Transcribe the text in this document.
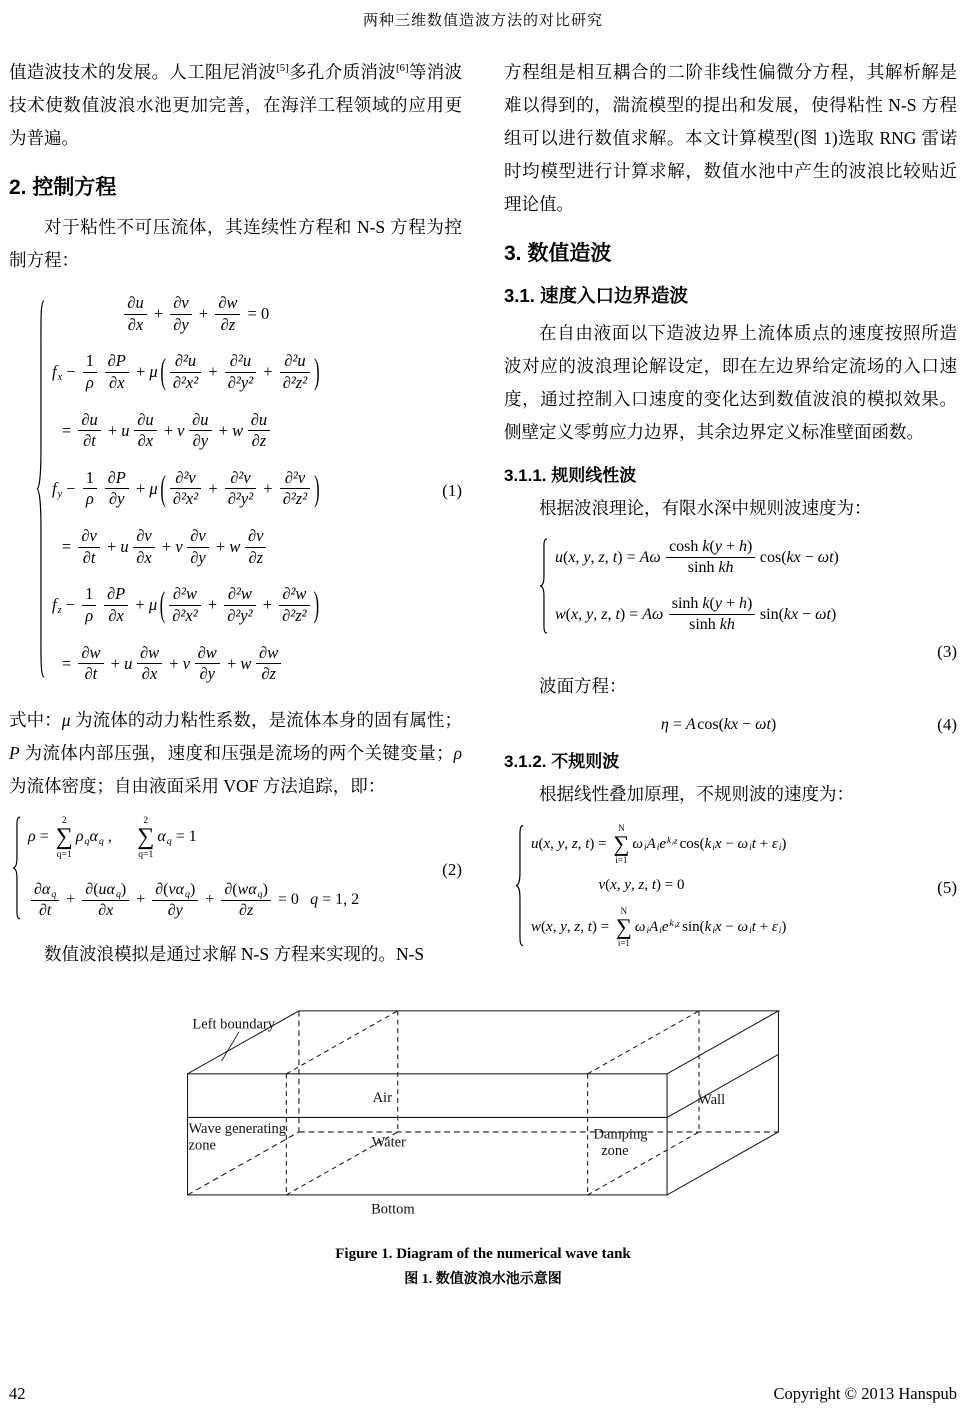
两种三维数值造波方法的对比研究

值造波技术的发展。人工阻尼消波[5]多孔介质消波[6]等消波技术使数值波浪水池更加完善，在海洋工程领域的应用更为普遍。

2. 控制方程

对于粘性不可压流体，其连续性方程和 N-S 方程为控制方程：

$\frac{\partial u}{\partial x} + \frac{\partial v}{\partial y} + \frac{\partial w}{\partial z} = 0$
$f_x - \frac{1}{\rho} \frac{\partial P}{\partial x} + \mu$ ( $\frac{\text{∂²u}}{\text{∂²x²}} + \frac{\text{∂²u}}{\text{∂²y²}} + \frac{\text{∂²u}}{\text{∂²z²}}$ )
= $\frac{\partial u}{\partial t} + u \frac{\partial u}{\partial x} + v \frac{\partial u}{\partial y} + w \frac{\partial u}{\partial z}$
$f_y - \frac{1}{\rho} \frac{\partial P}{\partial y} + \mu$ ( $\frac{\text{∂²v}}{\text{∂²x²}} + \frac{\text{∂²v}}{\text{∂²y²}} + \frac{\text{∂²v}}{\text{∂²z²}}$ )
= $\frac{\partial v}{\partial t} + u \frac{\partial v}{\partial x} + v \frac{\partial v}{\partial y} + w \frac{\partial v}{\partial z}$
$f_z - \frac{1}{\rho} \frac{\partial P}{\partial x} + \mu$ ( $\frac{\text{∂²w}}{\text{∂²x²}} + \frac{\text{∂²w}}{\text{∂²y²}} + \frac{\text{∂²w}}{\text{∂²z²}}$ )
= $\frac{\partial w}{\partial t} + u \frac{\partial w}{\partial x} + v \frac{\partial w}{\partial y} + w \frac{\partial w}{\partial z}$
(1)

式中：μ 为流体的动力粘性系数，是流体本身的固有属性；P 为流体内部压强，速度和压强是流场的两个关键变量；ρ 为流体密度；自由液面采用 VOF 方法追踪，即：

ρ =
2
∑
q=1
$\rho_q$ $\alpha_q$ ,
2
∑
q=1
$\alpha_q = 1$
$\frac{\partial \alpha_q}{\partial t} + \frac{\partial ( u \alpha_q )}{\partial x} + \frac{\partial ( v \alpha_q )}{\partial y} + \frac{\partial ( w \alpha_q )}{\partial z} = 0$ q = 1, 2
(2)

数值波浪模拟是通过求解 N-S 方程来实现的。N-S

方程组是相互耦合的二阶非线性偏微分方程，其解析解是难以得到的，湍流模型的提出和发展，使得粘性 N-S 方程组可以进行数值求解。本文计算模型(图 1)选取 RNG 雷诺时均模型进行计算求解，数值水池中产生的波浪比较贴近理论值。

3. 数值造波
3.1. 速度入口边界造波

在自由液面以下造波边界上流体质点的速度按照所造波对应的波浪理论解设定，即在左边界给定流场的入口速度，通过控制入口速度的变化达到数值波浪的模拟效果。侧壁定义零剪应力边界，其余边界定义标准壁面函数。

3.1.1. 规则线性波

根据波浪理论，有限水深中规则波速度为：

u ( x , y , z , t ) = Aω $\frac{\text{cosh k ( y + h )}}{\text{sinh kh}} \cos$( kx − ωt )
w ( x , y , z , t ) = Aω $\frac{\text{sinh k ( y + h )}}{\text{sinh kh}} \sin$( kx − ωt )
(3)

波面方程：

η = A cos( kx − ωt )	(4)
3.1.2. 不规则波

根据线性叠加原理，不规则波的速度为：

u ( x , y , z , t ) =
N
∑
i=1
$\omega_i$ $A_i$ e $^{k_i z}$ cos( $k_i$ $x - \omega_i$ $t + \varepsilon_i$ )
v ( x , y , z , t ) = 0
w ( x , y , z , t ) =
N
∑
i=1
$\omega_i$ $A_i$ e $^{k_i z}$ sin( $k_i$ $x - \omega_i$ $t + \varepsilon_i$ )
(5)
Left boundary
Air	Wall
Wave generating
zone	Water	Damping
zone
Bottom
Figure 1. Diagram of the numerical wave tank
图 1. 数值波浪水池示意图
42	Copyright © 2013 Hanspub
